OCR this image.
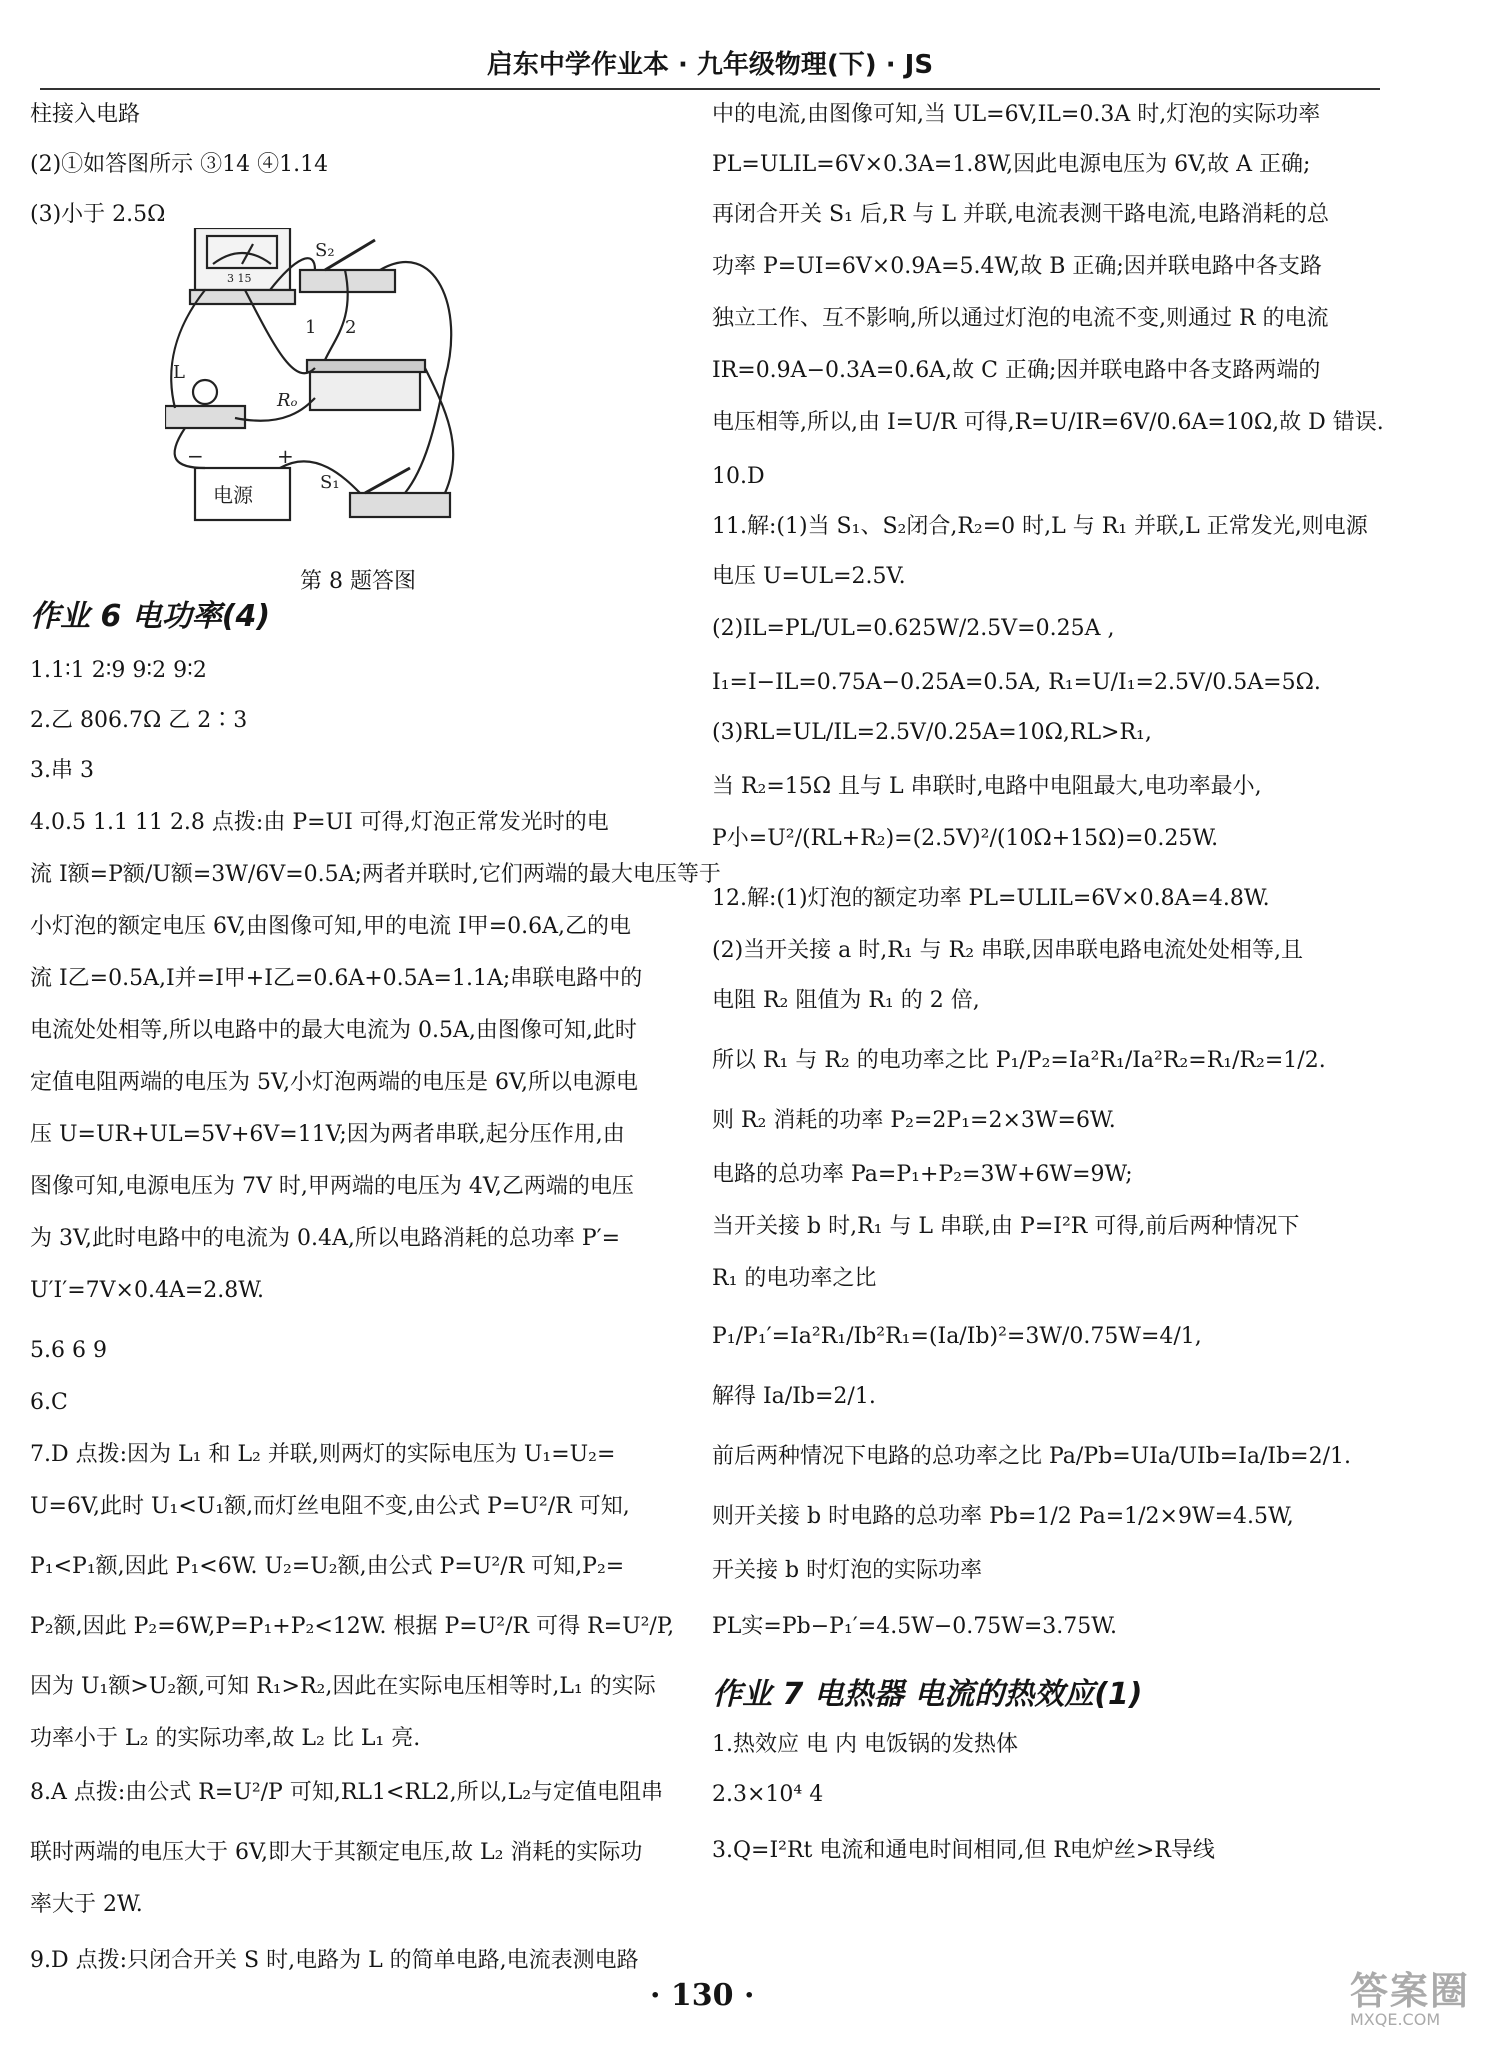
启东中学作业本 · 九年级物理(下) · JS
3 15
L
S₂
1 2
Rₒ
S₁
电源
−	+
第 8 题答图
柱接入电路
(2)①如答图所示 ③14 ④1.14
(3)小于 2.5Ω
作业 6 电功率(4)
1.1∶1 2∶9 9∶2 9∶2
2.乙 806.7Ω 乙 2∶3
3.串 3
4.0.5 1.1 11 2.8 点拨:由 P=UI 可得,灯泡正常发光时的电
流 I额=P额/U额=3W/6V=0.5A;两者并联时,它们两端的最大电压等于
小灯泡的额定电压 6V,由图像可知,甲的电流 I甲=0.6A,乙的电
流 I乙=0.5A,I并=I甲+I乙=0.6A+0.5A=1.1A;串联电路中的
电流处处相等,所以电路中的最大电流为 0.5A,由图像可知,此时
定值电阻两端的电压为 5V,小灯泡两端的电压是 6V,所以电源电
压 U=UR+UL=5V+6V=11V;因为两者串联,起分压作用,由
图像可知,电源电压为 7V 时,甲两端的电压为 4V,乙两端的电压
为 3V,此时电路中的电流为 0.4A,所以电路消耗的总功率 P′=
U′I′=7V×0.4A=2.8W.
5.6 6 9
6.C
7.D 点拨:因为 L₁ 和 L₂ 并联,则两灯的实际电压为 U₁=U₂=
U=6V,此时 U₁<U₁额,而灯丝电阻不变,由公式 P=U²/R 可知,
P₁<P₁额,因此 P₁<6W. U₂=U₂额,由公式 P=U²/R 可知,P₂=
P₂额,因此 P₂=6W,P=P₁+P₂<12W. 根据 P=U²/R 可得 R=U²/P,
因为 U₁额>U₂额,可知 R₁>R₂,因此在实际电压相等时,L₁ 的实际
功率小于 L₂ 的实际功率,故 L₂ 比 L₁ 亮.
8.A 点拨:由公式 R=U²/P 可知,RL1<RL2,所以,L₂与定值电阻串
联时两端的电压大于 6V,即大于其额定电压,故 L₂ 消耗的实际功
率大于 2W.
9.D 点拨:只闭合开关 S 时,电路为 L 的简单电路,电流表测电路
中的电流,由图像可知,当 UL=6V,IL=0.3A 时,灯泡的实际功率
PL=ULIL=6V×0.3A=1.8W,因此电源电压为 6V,故 A 正确;
再闭合开关 S₁ 后,R 与 L 并联,电流表测干路电流,电路消耗的总
功率 P=UI=6V×0.9A=5.4W,故 B 正确;因并联电路中各支路
独立工作、互不影响,所以通过灯泡的电流不变,则通过 R 的电流
IR=0.9A−0.3A=0.6A,故 C 正确;因并联电路中各支路两端的
电压相等,所以,由 I=U/R 可得,R=U/IR=6V/0.6A=10Ω,故 D 错误.
10.D
11.解:(1)当 S₁、S₂闭合,R₂=0 时,L 与 R₁ 并联,L 正常发光,则电源
电压 U=UL=2.5V.
(2)IL=PL/UL=0.625W/2.5V=0.25A ,
I₁=I−IL=0.75A−0.25A=0.5A, R₁=U/I₁=2.5V/0.5A=5Ω.
(3)RL=UL/IL=2.5V/0.25A=10Ω,RL>R₁,
当 R₂=15Ω 且与 L 串联时,电路中电阻最大,电功率最小,
P小=U²/(RL+R₂)=(2.5V)²/(10Ω+15Ω)=0.25W.
12.解:(1)灯泡的额定功率 PL=ULIL=6V×0.8A=4.8W.
(2)当开关接 a 时,R₁ 与 R₂ 串联,因串联电路电流处处相等,且
电阻 R₂ 阻值为 R₁ 的 2 倍,
所以 R₁ 与 R₂ 的电功率之比 P₁/P₂=Ia²R₁/Ia²R₂=R₁/R₂=1/2.
则 R₂ 消耗的功率 P₂=2P₁=2×3W=6W.
电路的总功率 Pa=P₁+P₂=3W+6W=9W;
当开关接 b 时,R₁ 与 L 串联,由 P=I²R 可得,前后两种情况下
R₁ 的电功率之比
P₁/P₁′=Ia²R₁/Ib²R₁=(Ia/Ib)²=3W/0.75W=4/1,
解得 Ia/Ib=2/1.
前后两种情况下电路的总功率之比 Pa/Pb=UIa/UIb=Ia/Ib=2/1.
则开关接 b 时电路的总功率 Pb=1/2 Pa=1/2×9W=4.5W,
开关接 b 时灯泡的实际功率
PL实=Pb−P₁′=4.5W−0.75W=3.75W.
作业 7 电热器 电流的热效应(1)
1.热效应 电 内 电饭锅的发热体
2.3×10⁴ 4
3.Q=I²Rt 电流和通电时间相同,但 R电炉丝>R导线
· 130 ·	答案圈
MXQE.COM
